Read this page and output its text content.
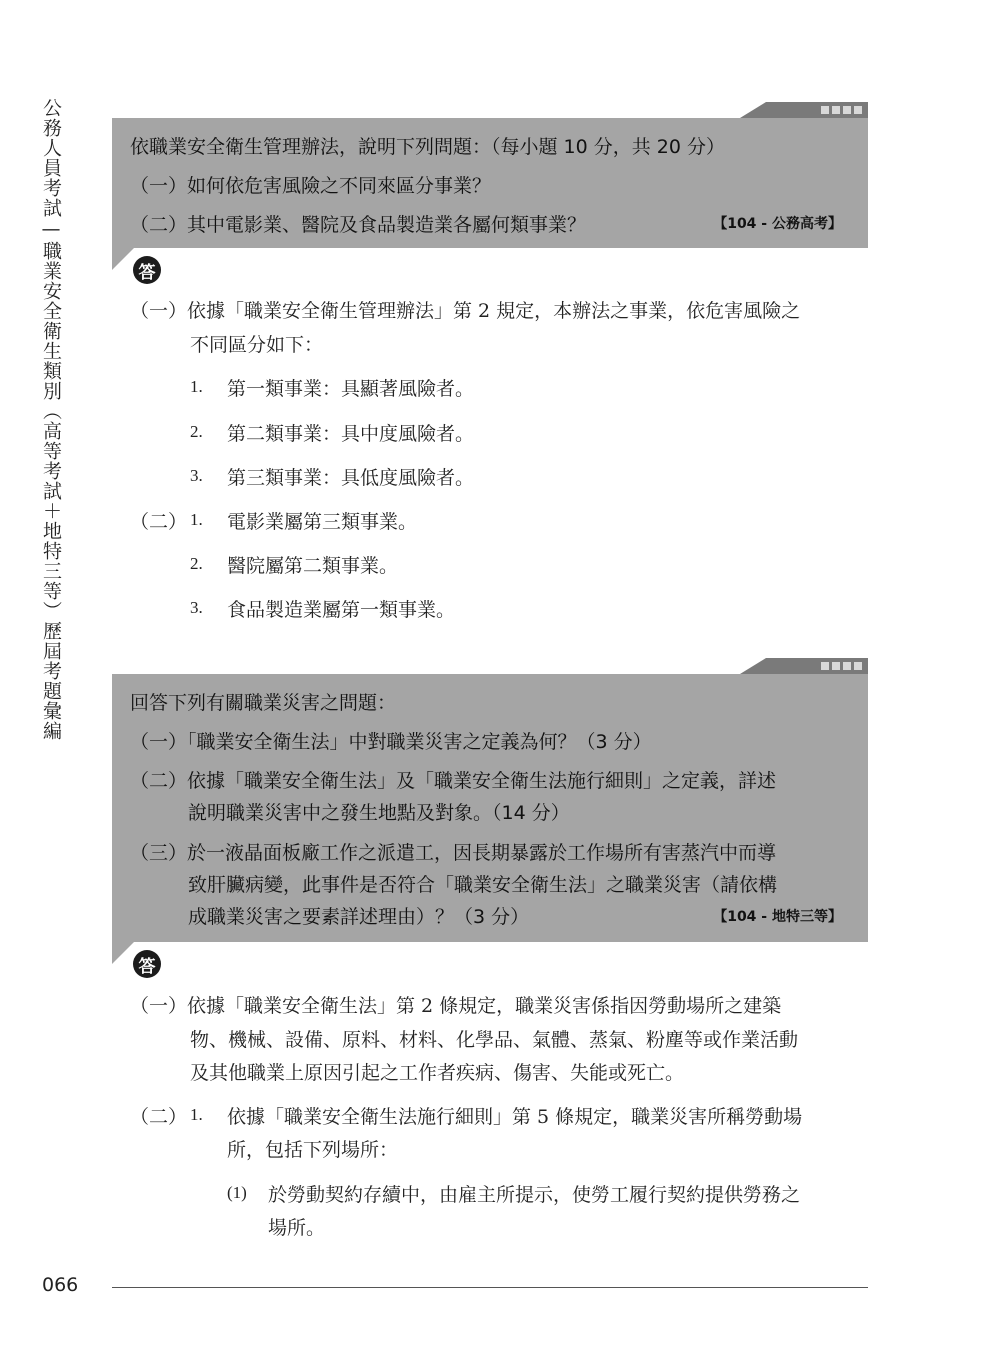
公務人員考試—職業安全衛生類別（高等考試＋地特三等）歷屆考題彙編	依職業安全衛生管理辦法，說明下列問題：（每小題 10 分，共 20 分）
（一）如何依危害風險之不同來區分事業？
（二）其中電影業、醫院及食品製造業各屬何類事業？	【104 - 公務高考】
答
（一）依據「職業安全衛生管理辦法」第 2 規定，本辦法之事業，依危害風險之
不同區分如下：
1. 第一類事業：具顯著風險者。
2. 第二類事業：具中度風險者。
3. 第三類事業：具低度風險者。
（二） 1. 電影業屬第三類事業。
2. 醫院屬第二類事業。
3. 食品製造業屬第一類事業。
回答下列有關職業災害之問題：
（一）「職業安全衛生法」中對職業災害之定義為何？（3 分）
（二）依據「職業安全衛生法」及「職業安全衛生法施行細則」之定義，詳述
說明職業災害中之發生地點及對象。（14 分）
（三）於一液晶面板廠工作之派遣工，因長期暴露於工作場所有害蒸汽中而導
致肝臟病變，此事件是否符合「職業安全衛生法」之職業災害（請依構
成職業災害之要素詳述理由）？（3 分）	【104 - 地特三等】
答
（一）依據「職業安全衛生法」第 2 條規定，職業災害係指因勞動場所之建築
物、機械、設備、原料、材料、化學品、氣體、蒸氣、粉塵等或作業活動
及其他職業上原因引起之工作者疾病、傷害、失能或死亡。
（二） 1. 依據「職業安全衛生法施行細則」第 5 條規定，職業災害所稱勞動場
所，包括下列場所：
(1) 於勞動契約存續中，由雇主所提示，使勞工履行契約提供勞務之
場所。
066
